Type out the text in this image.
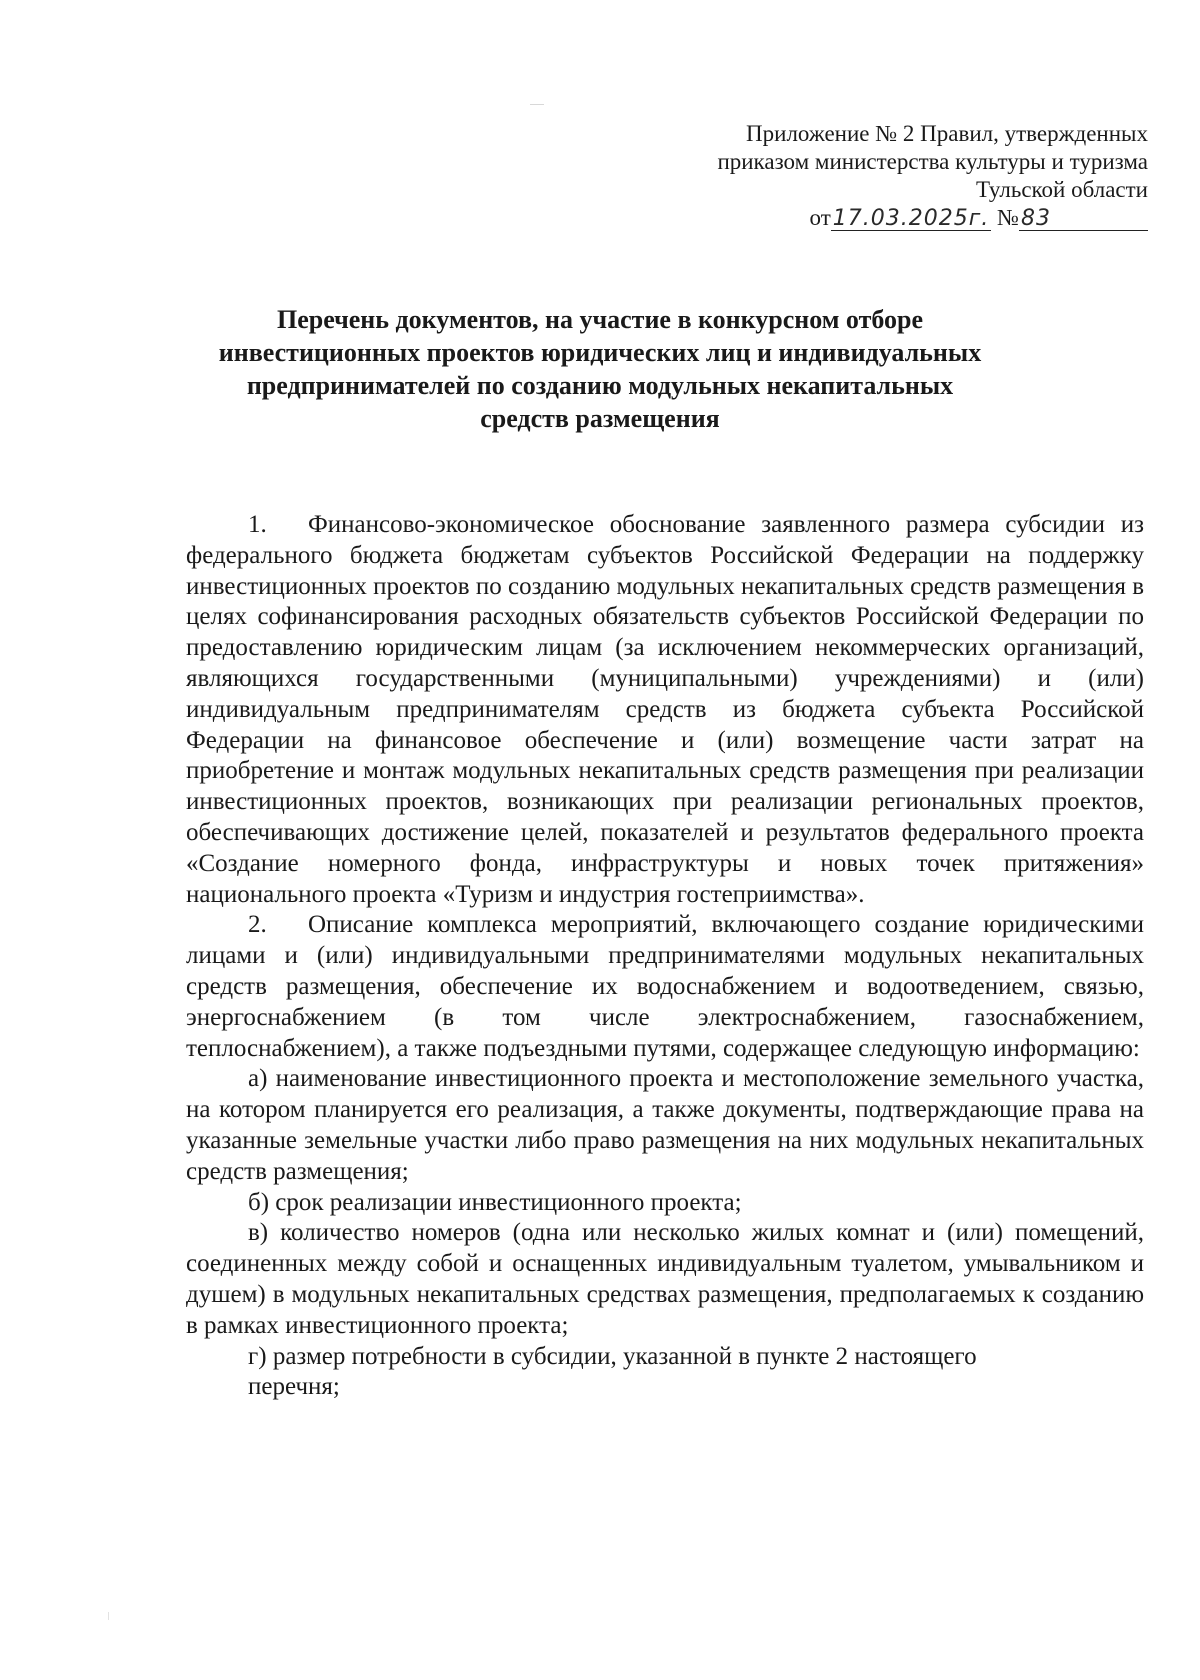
Приложение № 2 Правил, утвержденных
приказом министерства культуры и туризма
Тульской области
от17.03.2025г. №83
Перечень документов, на участие в конкурсном отборе
инвестиционных проектов юридических лиц и индивидуальных
предпринимателей по созданию модульных некапитальных
средств размещения

1. Финансово-экономическое обоснование заявленного размера субсидии из федерального бюджета бюджетам субъектов Российской Федерации на поддержку инвестиционных проектов по созданию модульных некапитальных средств размещения в целях софинансирования расходных обязательств субъектов Российской Федерации по предоставлению юридическим лицам (за исключением некоммерческих организаций, являющихся государственными (муниципальными) учреждениями) и (или) индивидуальным предпринимателям средств из бюджета субъекта Российской Федерации на финансовое обеспечение и (или) возмещение части затрат на приобретение и монтаж модульных некапитальных средств размещения при реализации инвестиционных проектов, возникающих при реализации региональных проектов, обеспечивающих достижение целей, показателей и результатов федерального проекта «Создание номерного фонда, инфраструктуры и новых точек притяжения» национального проекта «Туризм и индустрия гостеприимства».

2. Описание комплекса мероприятий, включающего создание юридическими лицами и (или) индивидуальными предпринимателями модульных некапитальных средств размещения, обеспечение их водоснабжением и водоотведением, связью, энергоснабжением (в том числе электроснабжением, газоснабжением, теплоснабжением), а также подъездными путями, содержащее следующую информацию:

а) наименование инвестиционного проекта и местоположение земельного участка, на котором планируется его реализация, а также документы, подтверждающие права на указанные земельные участки либо право размещения на них модульных некапитальных средств размещения;

б) срок реализации инвестиционного проекта;

в) количество номеров (одна или несколько жилых комнат и (или) помещений, соединенных между собой и оснащенных индивидуальным туалетом, умывальником и душем) в модульных некапитальных средствах размещения, предполагаемых к созданию в рамках инвестиционного проекта;

г) размер потребности в субсидии, указанной в пункте 2 настоящего
перечня;
